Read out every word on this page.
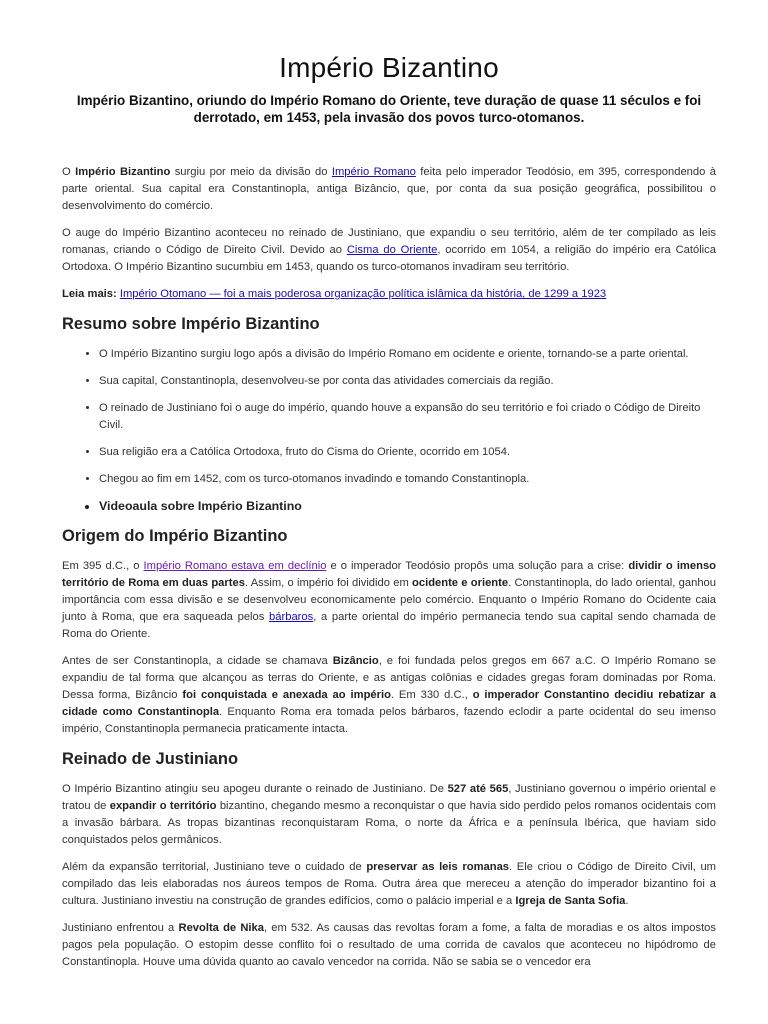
Império Bizantino
Império Bizantino, oriundo do Império Romano do Oriente, teve duração de quase 11 séculos e foi derrotado, em 1453, pela invasão dos povos turco-otomanos.

O Império Bizantino surgiu por meio da divisão do Império Romano feita pelo imperador Teodósio, em 395, correspondendo à parte oriental. Sua capital era Constantinopla, antiga Bizâncio, que, por conta da sua posição geográfica, possibilitou o desenvolvimento do comércio.

O auge do Império Bizantino aconteceu no reinado de Justiniano, que expandiu o seu território, além de ter compilado as leis romanas, criando o Código de Direito Civil. Devido ao Cisma do Oriente, ocorrido em 1054, a religião do império era Católica Ortodoxa. O Império Bizantino sucumbiu em 1453, quando os turco-otomanos invadiram seu território.

Leia mais: Império Otomano — foi a mais poderosa organização política islâmica da história, de 1299 a 1923

Resumo sobre Império Bizantino
• O Império Bizantino surgiu logo após a divisão do Império Romano em ocidente e oriente, tornando-se a parte oriental.
• Sua capital, Constantinopla, desenvolveu-se por conta das atividades comerciais da região.
• O reinado de Justiniano foi o auge do império, quando houve a expansão do seu território e foi criado o Código de Direito Civil.
• Sua religião era a Católica Ortodoxa, fruto do Cisma do Oriente, ocorrido em 1054.
• Chegou ao fim em 1452, com os turco-otomanos invadindo e tomando Constantinopla.
• Videoaula sobre Império Bizantino
Origem do Império Bizantino

Em 395 d.C., o Império Romano estava em declínio e o imperador Teodósio propôs uma solução para a crise: dividir o imenso território de Roma em duas partes. Assim, o império foi dividido em ocidente e oriente. Constantinopla, do lado oriental, ganhou importância com essa divisão e se desenvolveu economicamente pelo comércio. Enquanto o Império Romano do Ocidente caia junto à Roma, que era saqueada pelos bárbaros, a parte oriental do império permanecia tendo sua capital sendo chamada de Roma do Oriente.

Antes de ser Constantinopla, a cidade se chamava Bizâncio, e foi fundada pelos gregos em 667 a.C. O Império Romano se expandiu de tal forma que alcançou as terras do Oriente, e as antigas colônias e cidades gregas foram dominadas por Roma. Dessa forma, Bizâncio foi conquistada e anexada ao império. Em 330 d.C., o imperador Constantino decidiu rebatizar a cidade como Constantinopla. Enquanto Roma era tomada pelos bárbaros, fazendo eclodir a parte ocidental do seu imenso império, Constantinopla permanecia praticamente intacta.

Reinado de Justiniano

O Império Bizantino atingiu seu apogeu durante o reinado de Justiniano. De 527 até 565, Justiniano governou o império oriental e tratou de expandir o território bizantino, chegando mesmo a reconquistar o que havia sido perdido pelos romanos ocidentais com a invasão bárbara. As tropas bizantinas reconquistaram Roma, o norte da África e a península Ibérica, que haviam sido conquistados pelos germânicos.

Além da expansão territorial, Justiniano teve o cuidado de preservar as leis romanas. Ele criou o Código de Direito Civil, um compilado das leis elaboradas nos áureos tempos de Roma. Outra área que mereceu a atenção do imperador bizantino foi a cultura. Justiniano investiu na construção de grandes edifícios, como o palácio imperial e a Igreja de Santa Sofia.

Justiniano enfrentou a Revolta de Nika, em 532. As causas das revoltas foram a fome, a falta de moradias e os altos impostos pagos pela população. O estopim desse conflito foi o resultado de uma corrida de cavalos que aconteceu no hipódromo de Constantinopla. Houve uma dúvida quanto ao cavalo vencedor na corrida. Não se sabia se o vencedor era
